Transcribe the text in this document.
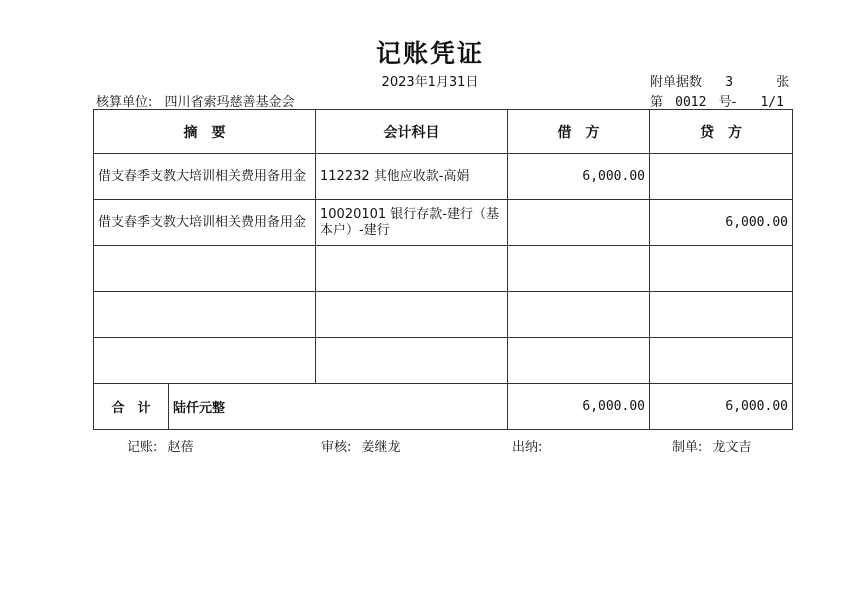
记账凭证
2023年1月31日	附单据数 3	张
核算单位: 四川省索玛慈善基金会	第 0012 号- 1/1
摘　要		会计科目	借　方	贷　方
借支春季支教大培训相关费用备用金		112232 其他应收款-高娟	6,000.00	
借支春季支教大培训相关费用备用金		10020101 银行存款-建行（基本户）-建行		6,000.00

合　计	陆仟元整		6,000.00	6,000.00
记账: 赵蓓	审核: 姜继龙	出纳:	制单: 龙文吉
